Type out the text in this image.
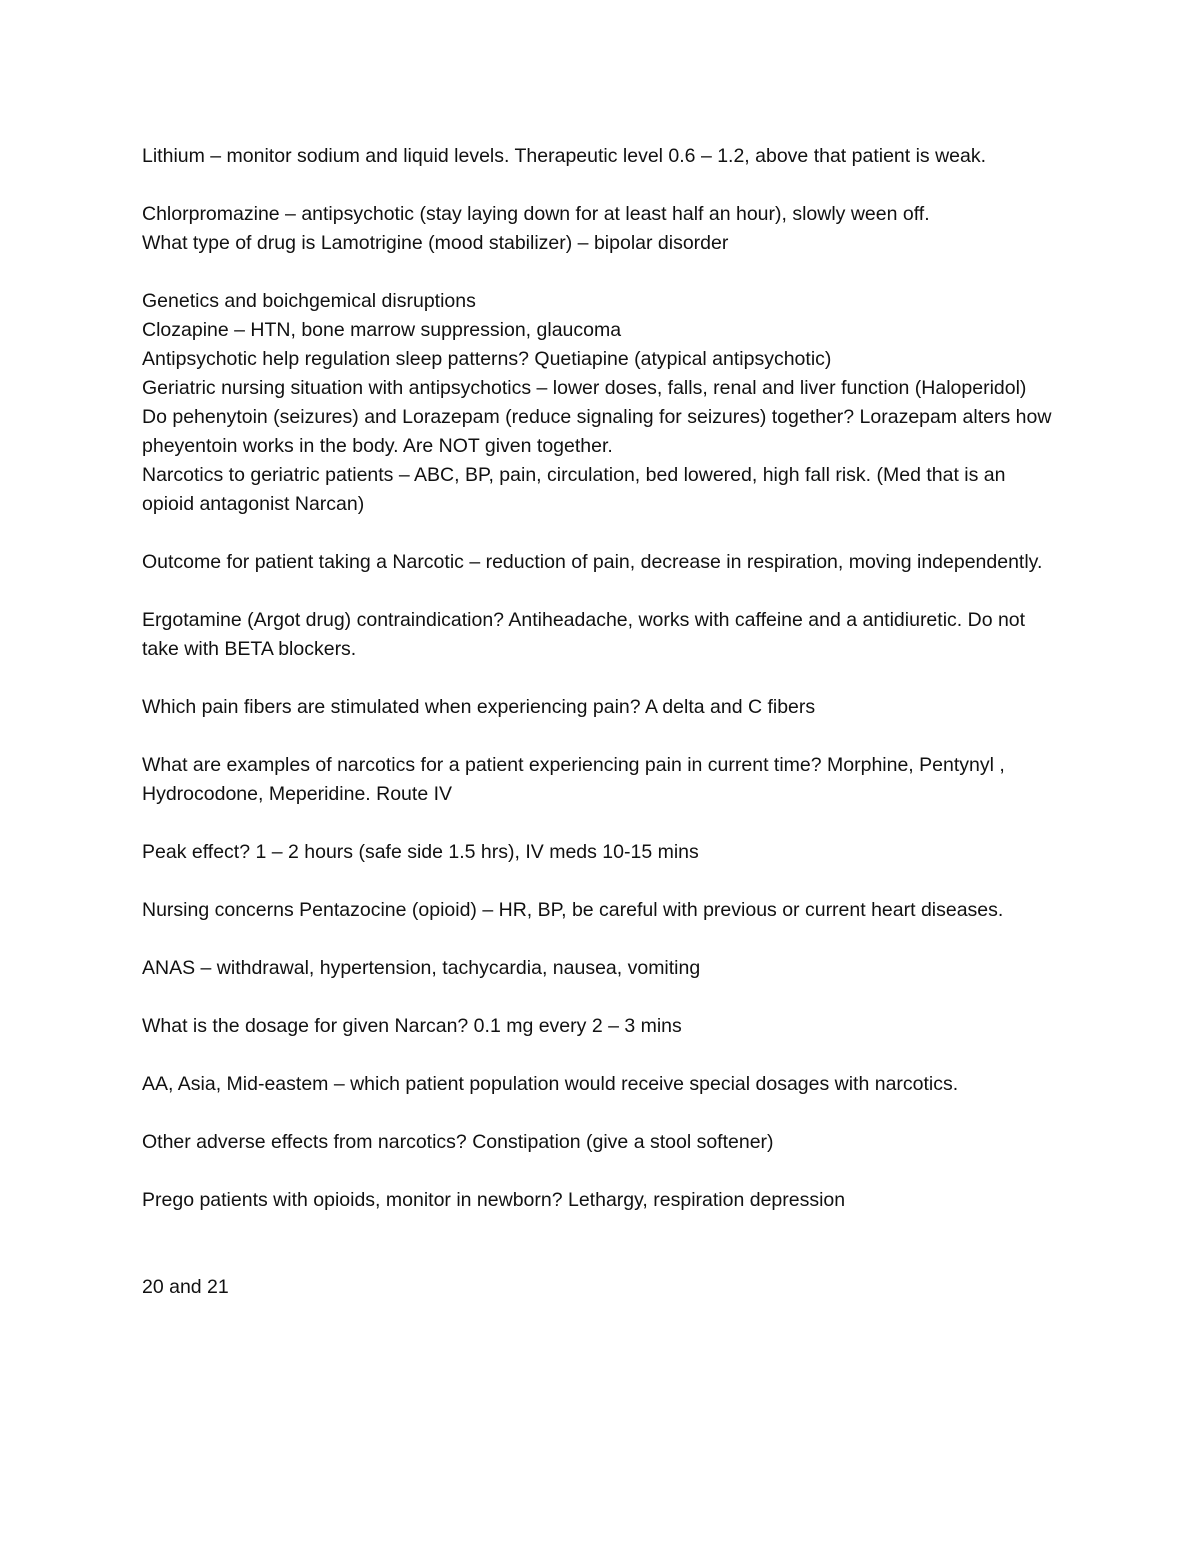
Lithium – monitor sodium and liquid levels. Therapeutic level 0.6 – 1.2, above that patient is weak.

Chlorpromazine – antipsychotic (stay laying down for at least half an hour), slowly ween off.
What type of drug is Lamotrigine (mood stabilizer) – bipolar disorder

Genetics and boichgemical disruptions
Clozapine – HTN, bone marrow suppression, glaucoma
Antipsychotic help regulation sleep patterns? Quetiapine (atypical antipsychotic)
Geriatric nursing situation with antipsychotics – lower doses, falls, renal and liver function (Haloperidol)
Do pehenytoin (seizures) and Lorazepam (reduce signaling for seizures) together? Lorazepam alters how pheyentoin works in the body. Are NOT given together.
Narcotics to geriatric patients – ABC, BP, pain, circulation, bed lowered, high fall risk. (Med that is an opioid antagonist Narcan)

Outcome for patient taking a Narcotic – reduction of pain, decrease in respiration, moving independently.

Ergotamine (Argot drug) contraindication? Antiheadache, works with caffeine and a antidiuretic. Do not take with BETA blockers.

Which pain fibers are stimulated when experiencing pain? A delta and C fibers

What are examples of narcotics for a patient experiencing pain in current time? Morphine, Pentynyl , Hydrocodone, Meperidine. Route IV

Peak effect? 1 – 2 hours (safe side 1.5 hrs), IV meds 10-15 mins

Nursing concerns Pentazocine (opioid) – HR, BP, be careful with previous or current heart diseases.

ANAS – withdrawal, hypertension, tachycardia, nausea, vomiting

What is the dosage for given Narcan? 0.1 mg every 2 – 3 mins

AA, Asia, Mid-eastem – which patient population would receive special dosages with narcotics.

Other adverse effects from narcotics? Constipation (give a stool softener)

Prego patients with opioids, monitor in newborn? Lethargy, respiration depression

20 and 21
